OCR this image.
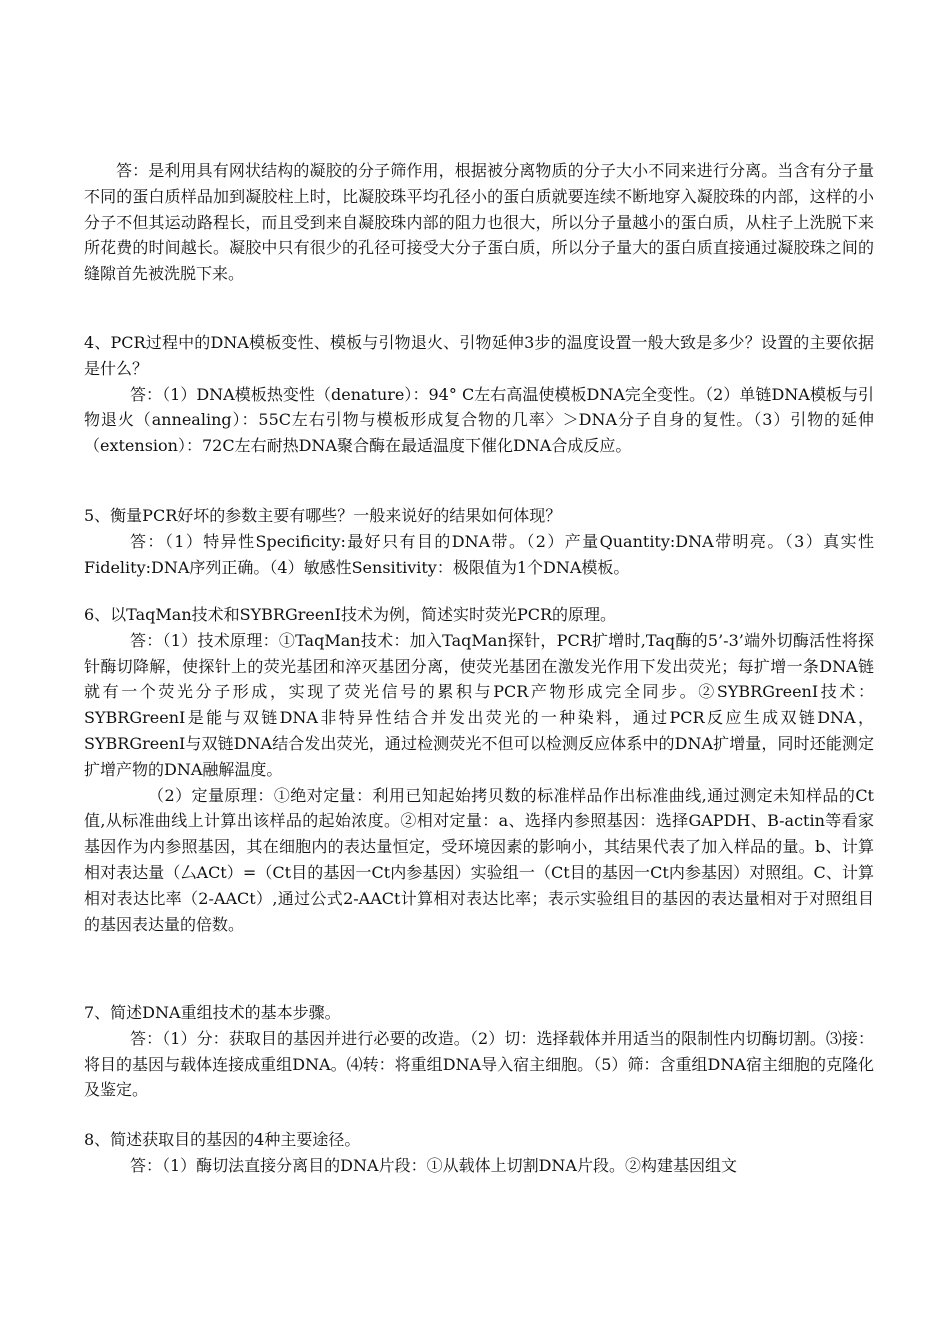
答：是利用具有网状结构的凝胶的分子筛作用，根据被分离物质的分子大小不同来进行分离。当含有分子量不同的蛋白质样品加到凝胶柱上时，比凝胶珠平均孔径小的蛋白质就要连续不断地穿入凝胶珠的内部，这样的小分子不但其运动路程长，而且受到来自凝胶珠内部的阻力也很大，所以分子量越小的蛋白质，从柱子上洗脱下来所花费的时间越长。凝胶中只有很少的孔径可接受大分子蛋白质，所以分子量大的蛋白质直接通过凝胶珠之间的缝隙首先被洗脱下来。

4、PCR过程中的DNA模板变性、模板与引物退火、引物延伸3步的温度设置一般大致是多少？设置的主要依据是什么？

答：（1）DNA模板热变性（denature）：94° C左右高温使模板DNA完全变性。（2）单链DNA模板与引物退火（annealing）：55C左右引物与模板形成复合物的几率〉＞DNA分子自身的复性。（3）引物的延伸（extension）：72C左右耐热DNA聚合酶在最适温度下催化DNA合成反应。

5、衡量PCR好坏的参数主要有哪些？一般来说好的结果如何体现？

答：（1）特异性Specificity:最好只有目的DNA带。（2）产量Quantity:DNA带明亮。（3）真实性Fidelity:DNA序列正确。（4）敏感性Sensitivity：极限值为1个DNA模板。

6、以TaqMan技术和SYBRGreenI技术为例，简述实时荧光PCR的原理。

答：（1）技术原理：①TaqMan技术：加入TaqMan探针，PCR扩增时,Taq酶的5’-3’端外切酶活性将探针酶切降解，使探针上的荧光基团和淬灭基团分离，使荧光基团在激发光作用下发出荧光；每扩增一条DNA链就有一个荧光分子形成，实现了荧光信号的累积与PCR产物形成完全同步。②SYBRGreenI技术：SYBRGreenI是能与双链DNA非特异性结合并发出荧光的一种染料，通过PCR反应生成双链DNA，SYBRGreenI与双链DNA结合发出荧光，通过检测荧光不但可以检测反应体系中的DNA扩增量，同时还能测定扩增产物的DNA融解温度。

（2）定量原理：①绝对定量：利用已知起始拷贝数的标准样品作出标准曲线,通过测定未知样品的Ct值,从标准曲线上计算出该样品的起始浓度。②相对定量：a、选择内参照基因：选择GAPDH、B-actin等看家基因作为内参照基因，其在细胞内的表达量恒定，受环境因素的影响小，其结果代表了加入样品的量。b、计算相对表达量（厶ACt）=（Ct目的基因一Ct内参基因）实验组一（Ct目的基因一Ct内参基因）对照组。C、计算相对表达比率（2-AACt）,通过公式2-AACt计算相对表达比率；表示实验组目的基因的表达量相对于对照组目的基因表达量的倍数。

7、简述DNA重组技术的基本步骤。

答：（1）分：获取目的基因并进行必要的改造。（2）切：选择载体并用适当的限制性内切酶切割。⑶接：将目的基因与载体连接成重组DNA。⑷转：将重组DNA导入宿主细胞。（5）筛：含重组DNA宿主细胞的克隆化及鉴定。

8、简述获取目的基因的4种主要途径。

答：（1）酶切法直接分离目的DNA片段：①从载体上切割DNA片段。②构建基因组文
